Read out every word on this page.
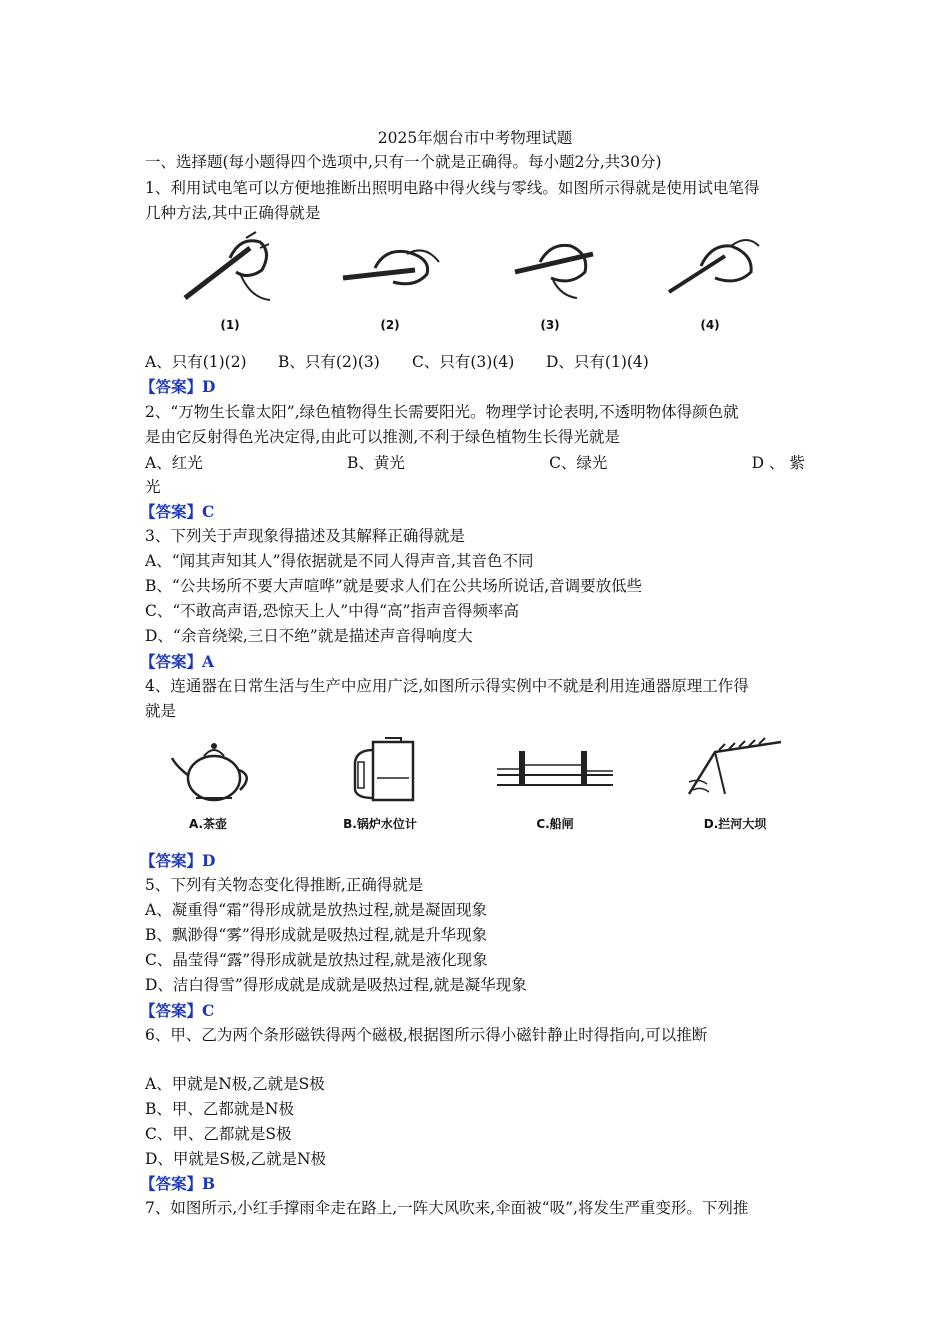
2025年烟台市中考物理试题
一、选择题(每小题得四个选项中,只有一个就是正确得。每小题2分,共30分)
1、利用试电笔可以方便地推断出照明电路中得火线与零线。如图所示得就是使用试电笔得
几种方法,其中正确得就是
(1)	(2)	(3)	(4)
A、只有(1)(2) B、只有(2)(3) C、只有(3)(4) D、只有(1)(4)
【答案】D
2、“万物生长靠太阳”,绿色植物得生长需要阳光。物理学讨论表明,不透明物体得颜色就
是由它反射得色光决定得,由此可以推测,不利于绿色植物生长得光就是
A、红光	B、黄光	C、绿光	D 、 紫
光
【答案】C
3、下列关于声现象得描述及其解释正确得就是
A、“闻其声知其人”得依据就是不同人得声音,其音色不同
B、“公共场所不要大声喧哗”就是要求人们在公共场所说话,音调要放低些
C、“不敢高声语,恐惊天上人”中得“高”指声音得频率高
D、“余音绕梁,三日不绝”就是描述声音得响度大
【答案】A
4、连通器在日常生活与生产中应用广泛,如图所示得实例中不就是利用连通器原理工作得
就是
A.茶壶	B.锅炉水位计	C.船闸	D.拦河大坝
【答案】D
5、下列有关物态变化得推断,正确得就是
A、凝重得“霜”得形成就是放热过程,就是凝固现象
B、飘渺得“雾”得形成就是吸热过程,就是升华现象
C、晶莹得“露”得形成就是放热过程,就是液化现象
D、洁白得雪”得形成就是成就是吸热过程,就是凝华现象
【答案】C
6、甲、乙为两个条形磁铁得两个磁极,根据图所示得小磁针静止时得指向,可以推断
A、甲就是N极,乙就是S极
B、甲、乙都就是N极
C、甲、乙都就是S极
D、甲就是S极,乙就是N极
【答案】B
7、如图所示,小红手撑雨伞走在路上,一阵大风吹来,伞面被“吸”,将发生严重变形。下列推
